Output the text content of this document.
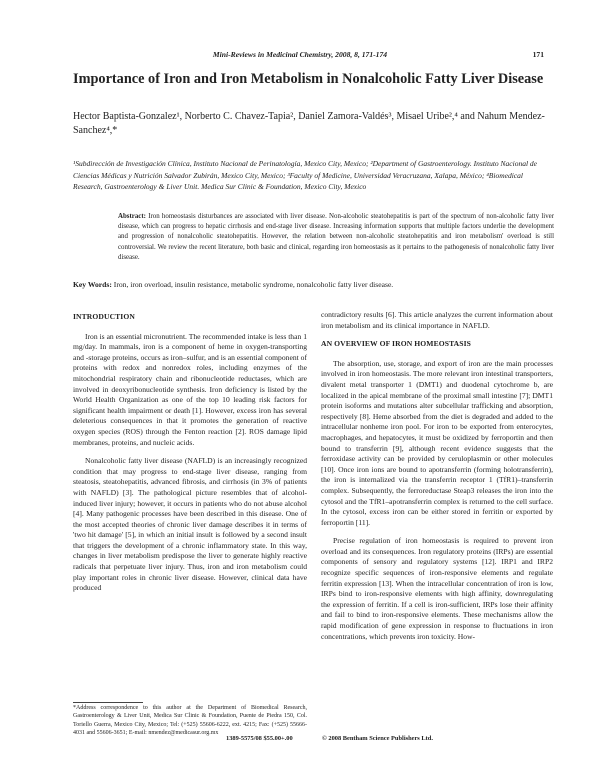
Mini-Reviews in Medicinal Chemistry, 2008, 8, 171-174	171
Importance of Iron and Iron Metabolism in Nonalcoholic Fatty Liver Disease
Hector Baptista-Gonzalez¹, Norberto C. Chavez-Tapia², Daniel Zamora-Valdés³, Misael Uribe²,⁴ and Nahum Mendez-Sanchez⁴,*
¹Subdirección de Investigación Clínica, Instituto Nacional de Perinatología, Mexico City, Mexico; ²Department of Gastroenterology. Instituto Nacional de Ciencias Médicas y Nutrición Salvador Zubirán, Mexico City, Mexico; ³Faculty of Medicine, Universidad Veracruzana, Xalapa, México; ⁴Biomedical Research, Gastroenterology & Liver Unit. Medica Sur Clinic & Foundation, Mexico City, Mexico
Abstract: Iron homeostasis disturbances are associated with liver disease. Non-alcoholic steatohepatitis is part of the spectrum of non-alcoholic fatty liver disease, which can progress to hepatic cirrhosis and end-stage liver disease. Increasing information supports that multiple factors underlie the development and progression of nonalcoholic steatohepatitis. However, the relation between non-alcoholic steatohepatitis and iron metabolism' overload is still controversial. We review the recent literature, both basic and clinical, regarding iron homeostasis as it pertains to the pathogenesis of nonalcoholic fatty liver disease.
Key Words: Iron, iron overload, insulin resistance, metabolic syndrome, nonalcoholic fatty liver disease.
INTRODUCTION

Iron is an essential micronutrient. The recommended intake is less than 1 mg/day. In mammals, iron is a component of heme in oxygen-transporting and -storage proteins, occurs as iron–sulfur, and is an essential component of proteins with redox and nonredox roles, including enzymes of the mitochondrial respiratory chain and ribonucleotide reductases, which are involved in deoxyribonucleotide synthesis. Iron deficiency is listed by the World Health Organization as one of the top 10 leading risk factors for significant health impairment or death [1]. However, excess iron has several deleterious consequences in that it promotes the generation of reactive oxygen species (ROS) through the Fenton reaction [2]. ROS damage lipid membranes, proteins, and nucleic acids.

Nonalcoholic fatty liver disease (NAFLD) is an increasingly recognized condition that may progress to end-stage liver disease, ranging from steatosis, steatohepatitis, advanced fibrosis, and cirrhosis (in 3% of patients with NAFLD) [3]. The pathological picture resembles that of alcohol-induced liver injury; however, it occurs in patients who do not abuse alcohol [4]. Many pathogenic processes have been described in this disease. One of the most accepted theories of chronic liver damage describes it in terms of 'two hit damage' [5], in which an initial insult is followed by a second insult that triggers the development of a chronic inflammatory state. In this way, changes in liver metabolism predispose the liver to generate highly reactive radicals that perpetuate liver injury. Thus, iron and iron metabolism could play important roles in chronic liver disease. However, clinical data have produced

contradictory results [6]. This article analyzes the current information about iron metabolism and its clinical importance in NAFLD.

AN OVERVIEW OF IRON HOMEOSTASIS

The absorption, use, storage, and export of iron are the main processes involved in iron homeostasis. The more relevant iron intestinal transporters, divalent metal transporter 1 (DMT1) and duodenal cytochrome b, are localized in the apical membrane of the proximal small intestine [7]; DMT1 protein isoforms and mutations alter subcellular trafficking and absorption, respectively [8]. Heme absorbed from the diet is degraded and added to the intracellular nonheme iron pool. For iron to be exported from enterocytes, macrophages, and hepatocytes, it must be oxidized by ferroportin and then bound to transferrin [9], although recent evidence suggests that the ferroxidase activity can be provided by ceruloplasmin or other molecules [10]. Once iron ions are bound to apotransferrin (forming holotransferrin), the iron is internalized via the transferrin receptor 1 (TfR1)–transferrin complex. Subsequently, the ferroreductase Steap3 releases the iron into the cytosol and the TfR1–apotransferrin complex is returned to the cell surface. In the cytosol, excess iron can be either stored in ferritin or exported by ferroportin [11].

Precise regulation of iron homeostasis is required to prevent iron overload and its consequences. Iron regulatory proteins (IRPs) are essential components of sensory and regulatory systems [12]. IRP1 and IRP2 recognize specific sequences of iron-responsive elements and regulate ferritin expression [13]. When the intracellular concentration of iron is low, IRPs bind to iron-responsive elements with high affinity, downregulating the expression of ferritin. If a cell is iron-sufficient, IRPs lose their affinity and fail to bind to iron-responsive elements. These mechanisms allow the rapid modification of gene expression in response to fluctuations in iron concentrations, which prevents iron toxicity. How-

*Address correspondence to this author at the Department of Biomedical Research, Gastroenterology & Liver Unit, Medica Sur Clinic & Foundation, Puente de Piedra 150, Col. Toriello Guerra, Mexico City, Mexico; Tel: (+525) 55606-6222, ext. 4215; Fax: (+525) 55666-4031 and 55606-3651; E-mail: nmendez@medicasur.org.mx
1389-5575/08 $55.00+.00	© 2008 Bentham Science Publishers Ltd.
